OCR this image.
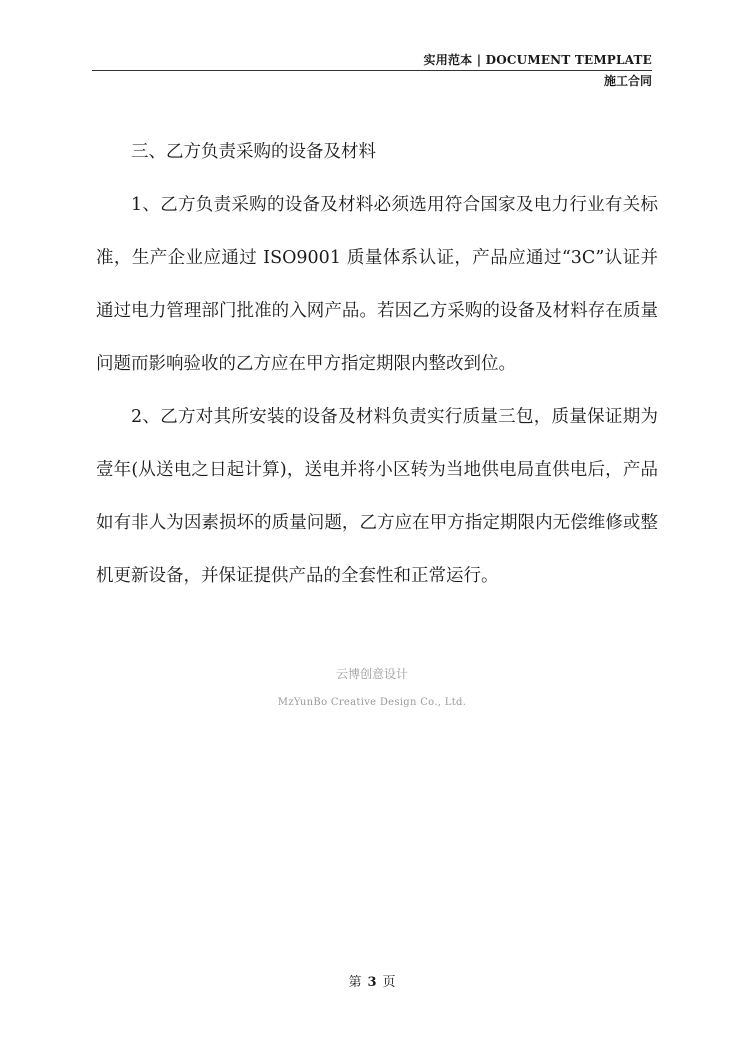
实用范本 | DOCUMENT TEMPLATE
施工合同

三、乙方负责采购的设备及材料

1、乙方负责采购的设备及材料必须选用符合国家及电力行业有关标准，生产企业应通过 ISO9001 质量体系认证，产品应通过“3C”认证并通过电力管理部门批准的入网产品。若因乙方采购的设备及材料存在质量问题而影响验收的乙方应在甲方指定期限内整改到位。

2、乙方对其所安装的设备及材料负责实行质量三包，质量保证期为壹年(从送电之日起计算)，送电并将小区转为当地供电局直供电后，产品如有非人为因素损坏的质量问题，乙方应在甲方指定期限内无偿维修或整机更新设备，并保证提供产品的全套性和正常运行。

云博创意设计
MzYunBo Creative Design Co., Ltd.
第 3 页
